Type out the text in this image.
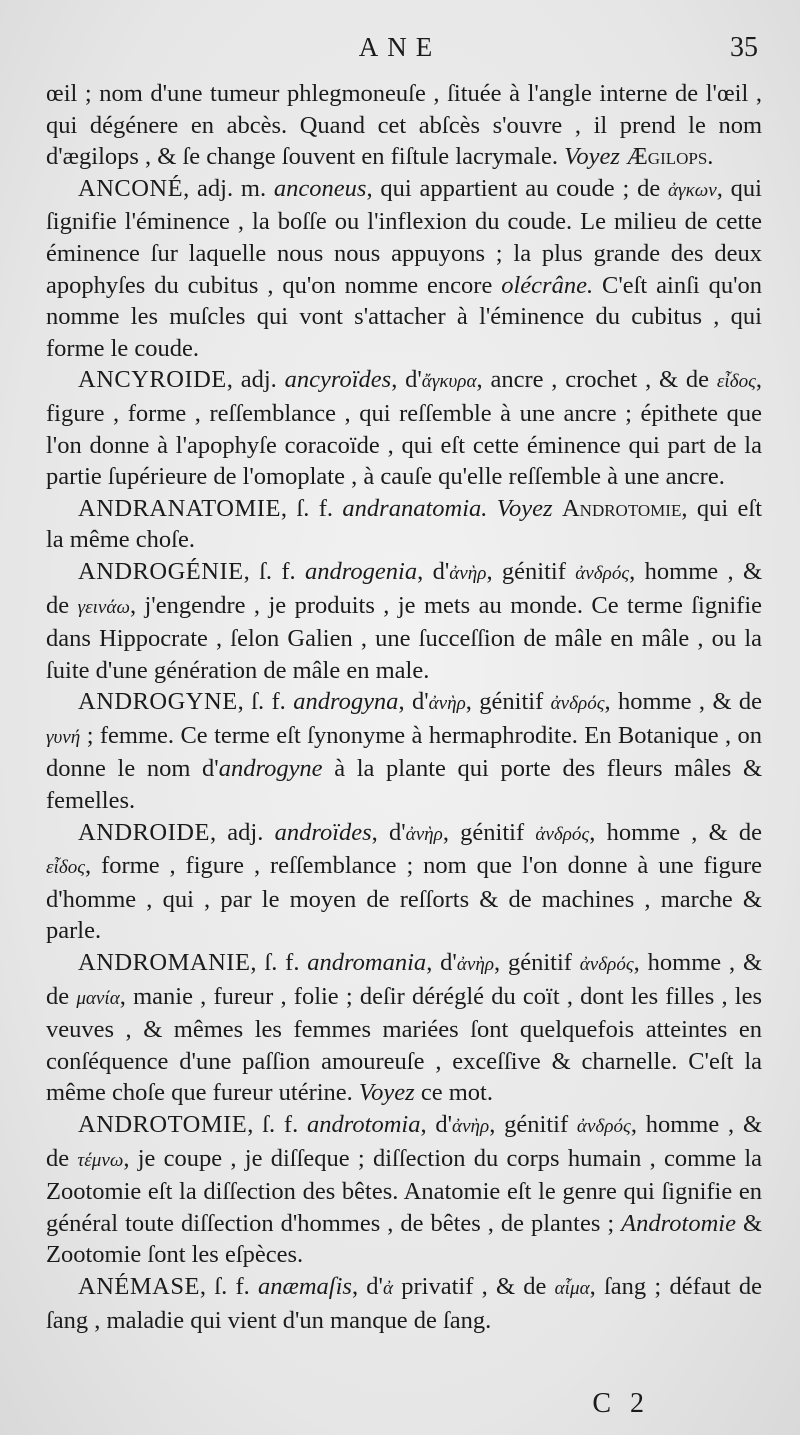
ANE	35

œil ; nom d'une tumeur phlegmoneuſe , ſituée à l'angle interne de l'œil , qui dégénere en abcès. Quand cet abſcès s'ouvre , il prend le nom d'ægilops , & ſe change ſouvent en fiſtule lacrymale. Voyez Ægilops.

ANCONÉ, adj. m. anconeus, qui appartient au coude ; de ἀγκων, qui ſignifie l'éminence , la boſſe ou l'inflexion du coude. Le milieu de cette éminence ſur laquelle nous nous appuyons ; la plus grande des deux apophyſes du cubitus , qu'on nomme encore olécrâne. C'eſt ainſi qu'on nomme les muſcles qui vont s'attacher à l'éminence du cubitus , qui forme le coude.

ANCYROIDE, adj. ancyroïdes, d'ἄγκυρα, ancre , crochet , & de εἶδος, figure , forme , reſſemblance , qui reſſemble à une ancre ; épithete que l'on donne à l'apophyſe coracoïde , qui eſt cette éminence qui part de la partie ſupérieure de l'omoplate , à cauſe qu'elle reſſemble à une ancre.

ANDRANATOMIE, ſ. f. andranatomia. Voyez Androtomie, qui eſt la même choſe.

ANDROGÉNIE, ſ. f. androgenia, d'ἀνὴρ, génitif ἀνδρός, homme , & de γεινάω, j'engendre , je produits , je mets au monde. Ce terme ſignifie dans Hippocrate , ſelon Galien , une ſucceſſion de mâle en mâle , ou la ſuite d'une génération de mâle en male.

ANDROGYNE, ſ. f. androgyna, d'ἀνὴρ, génitif ἀνδρός, homme , & de γυνή ; femme. Ce terme eſt ſynonyme à hermaphrodite. En Botanique , on donne le nom d'androgyne à la plante qui porte des fleurs mâles & femelles.

ANDROIDE, adj. androïdes, d'ἀνὴρ, génitif ἀνδρός, homme , & de εἶδος, forme , figure , reſſemblance ; nom que l'on donne à une figure d'homme , qui , par le moyen de reſſorts & de machines , marche & parle.

ANDROMANIE, ſ. f. andromania, d'ἀνὴρ, génitif ἀνδρός, homme , & de μανία, manie , fureur , folie ; deſir déréglé du coït , dont les filles , les veuves , & mêmes les femmes mariées ſont quelquefois atteintes en conſéquence d'une paſſion amoureuſe , exceſſive & charnelle. C'eſt la même choſe que fureur utérine. Voyez ce mot.

ANDROTOMIE, ſ. f. androtomia, d'ἀνὴρ, génitif ἀνδρός, homme , & de τέμνω, je coupe , je diſſeque ; diſſection du corps humain , comme la Zootomie eſt la diſſection des bêtes. Anatomie eſt le genre qui ſignifie en général toute diſſection d'hommes , de bêtes , de plantes ; Androtomie & Zootomie ſont les eſpèces.

ANÉMASE, ſ. f. anæmaſis, d'ἀ privatif , & de αἷμα, ſang ; défaut de ſang , maladie qui vient d'un manque de ſang.

C 2
